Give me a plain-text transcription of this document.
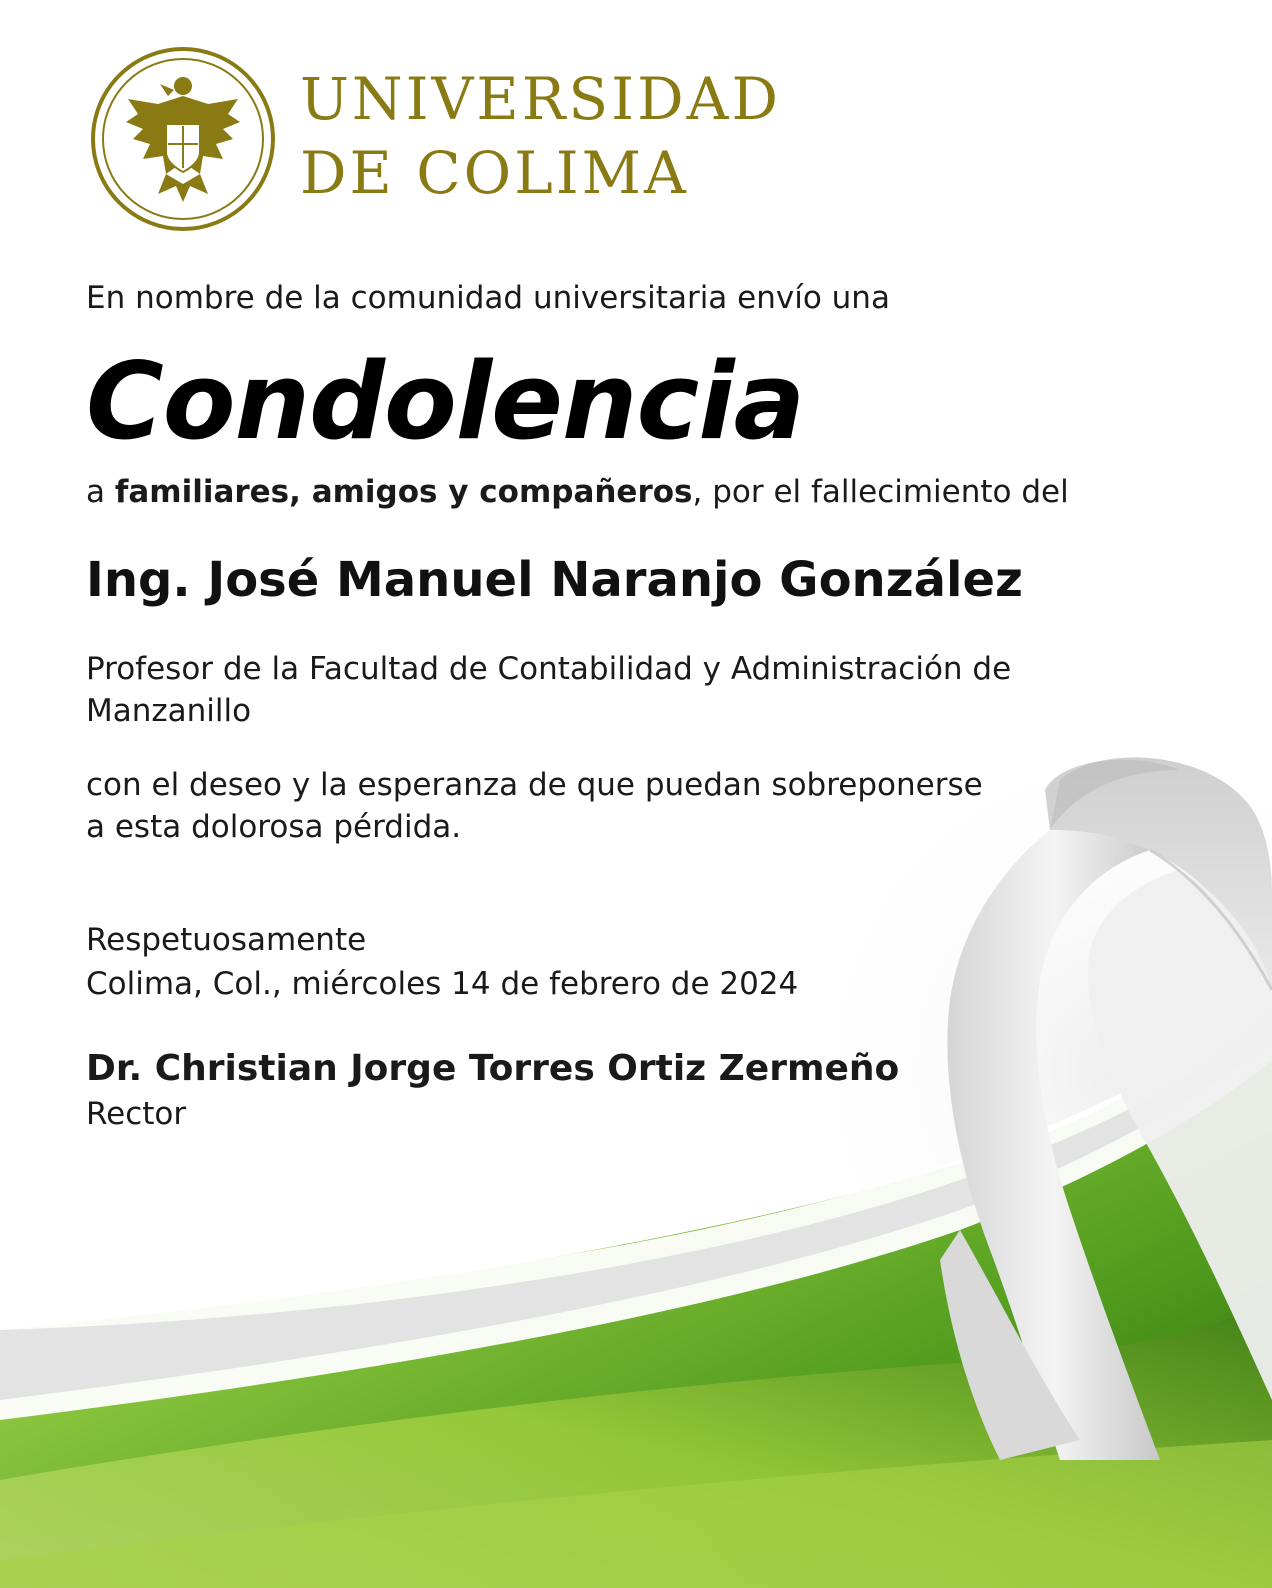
UNIVERSIDAD
DE COLIMA
En nombre de la comunidad universitaria envío una
Condolencia
a familiares, amigos y compañeros, por el fallecimiento del
Ing. José Manuel Naranjo González
Profesor de la Facultad de Contabilidad y Administración de Manzanillo
con el deseo y la esperanza de que puedan sobreponerse
a esta dolorosa pérdida.
Respetuosamente
Colima, Col., miércoles 14 de febrero de 2024
Dr. Christian Jorge Torres Ortiz Zermeño
Rector
